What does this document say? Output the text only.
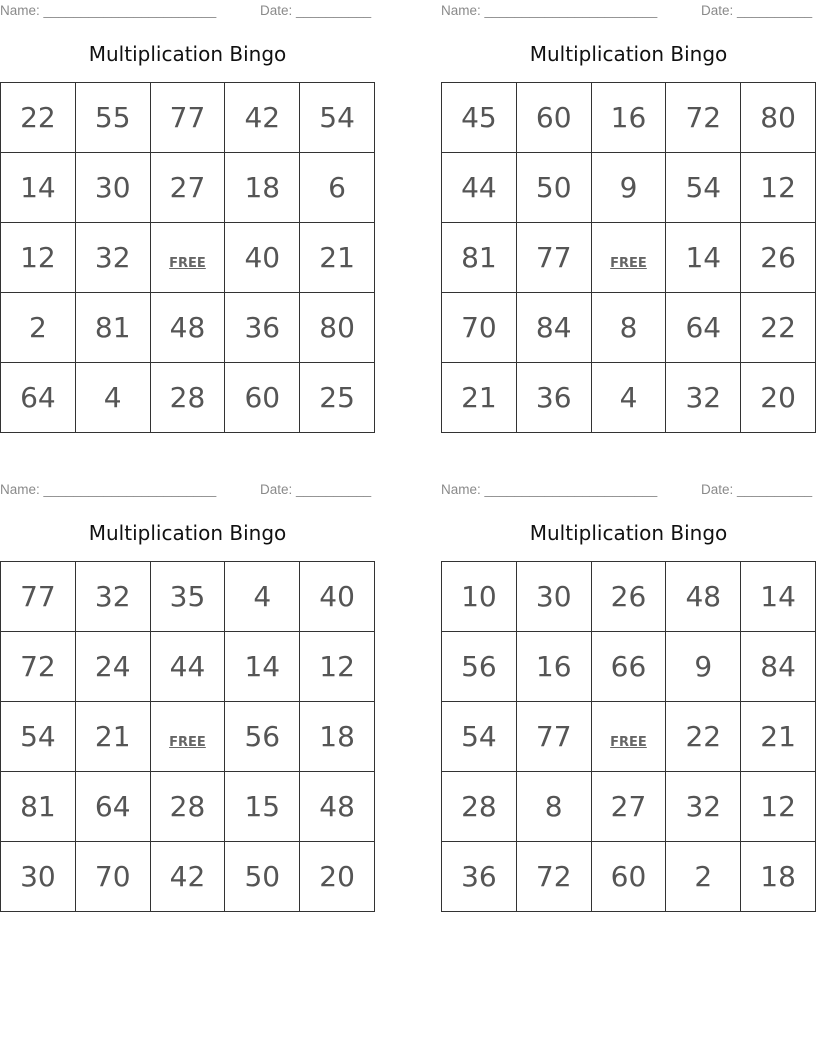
Name: _______________________	Date: __________
Multiplication Bingo
22	55	77	42	54
14	30	27	18	6
12	32	FREE	40	21
2	81	48	36	80
64	4	28	60	25
Name: _______________________	Date: __________
Multiplication Bingo
45	60	16	72	80
44	50	9	54	12
81	77	FREE	14	26
70	84	8	64	22
21	36	4	32	20
Name: _______________________	Date: __________
Multiplication Bingo
77	32	35	4	40
72	24	44	14	12
54	21	FREE	56	18
81	64	28	15	48
30	70	42	50	20
Name: _______________________	Date: __________
Multiplication Bingo
10	30	26	48	14
56	16	66	9	84
54	77	FREE	22	21
28	8	27	32	12
36	72	60	2	18
